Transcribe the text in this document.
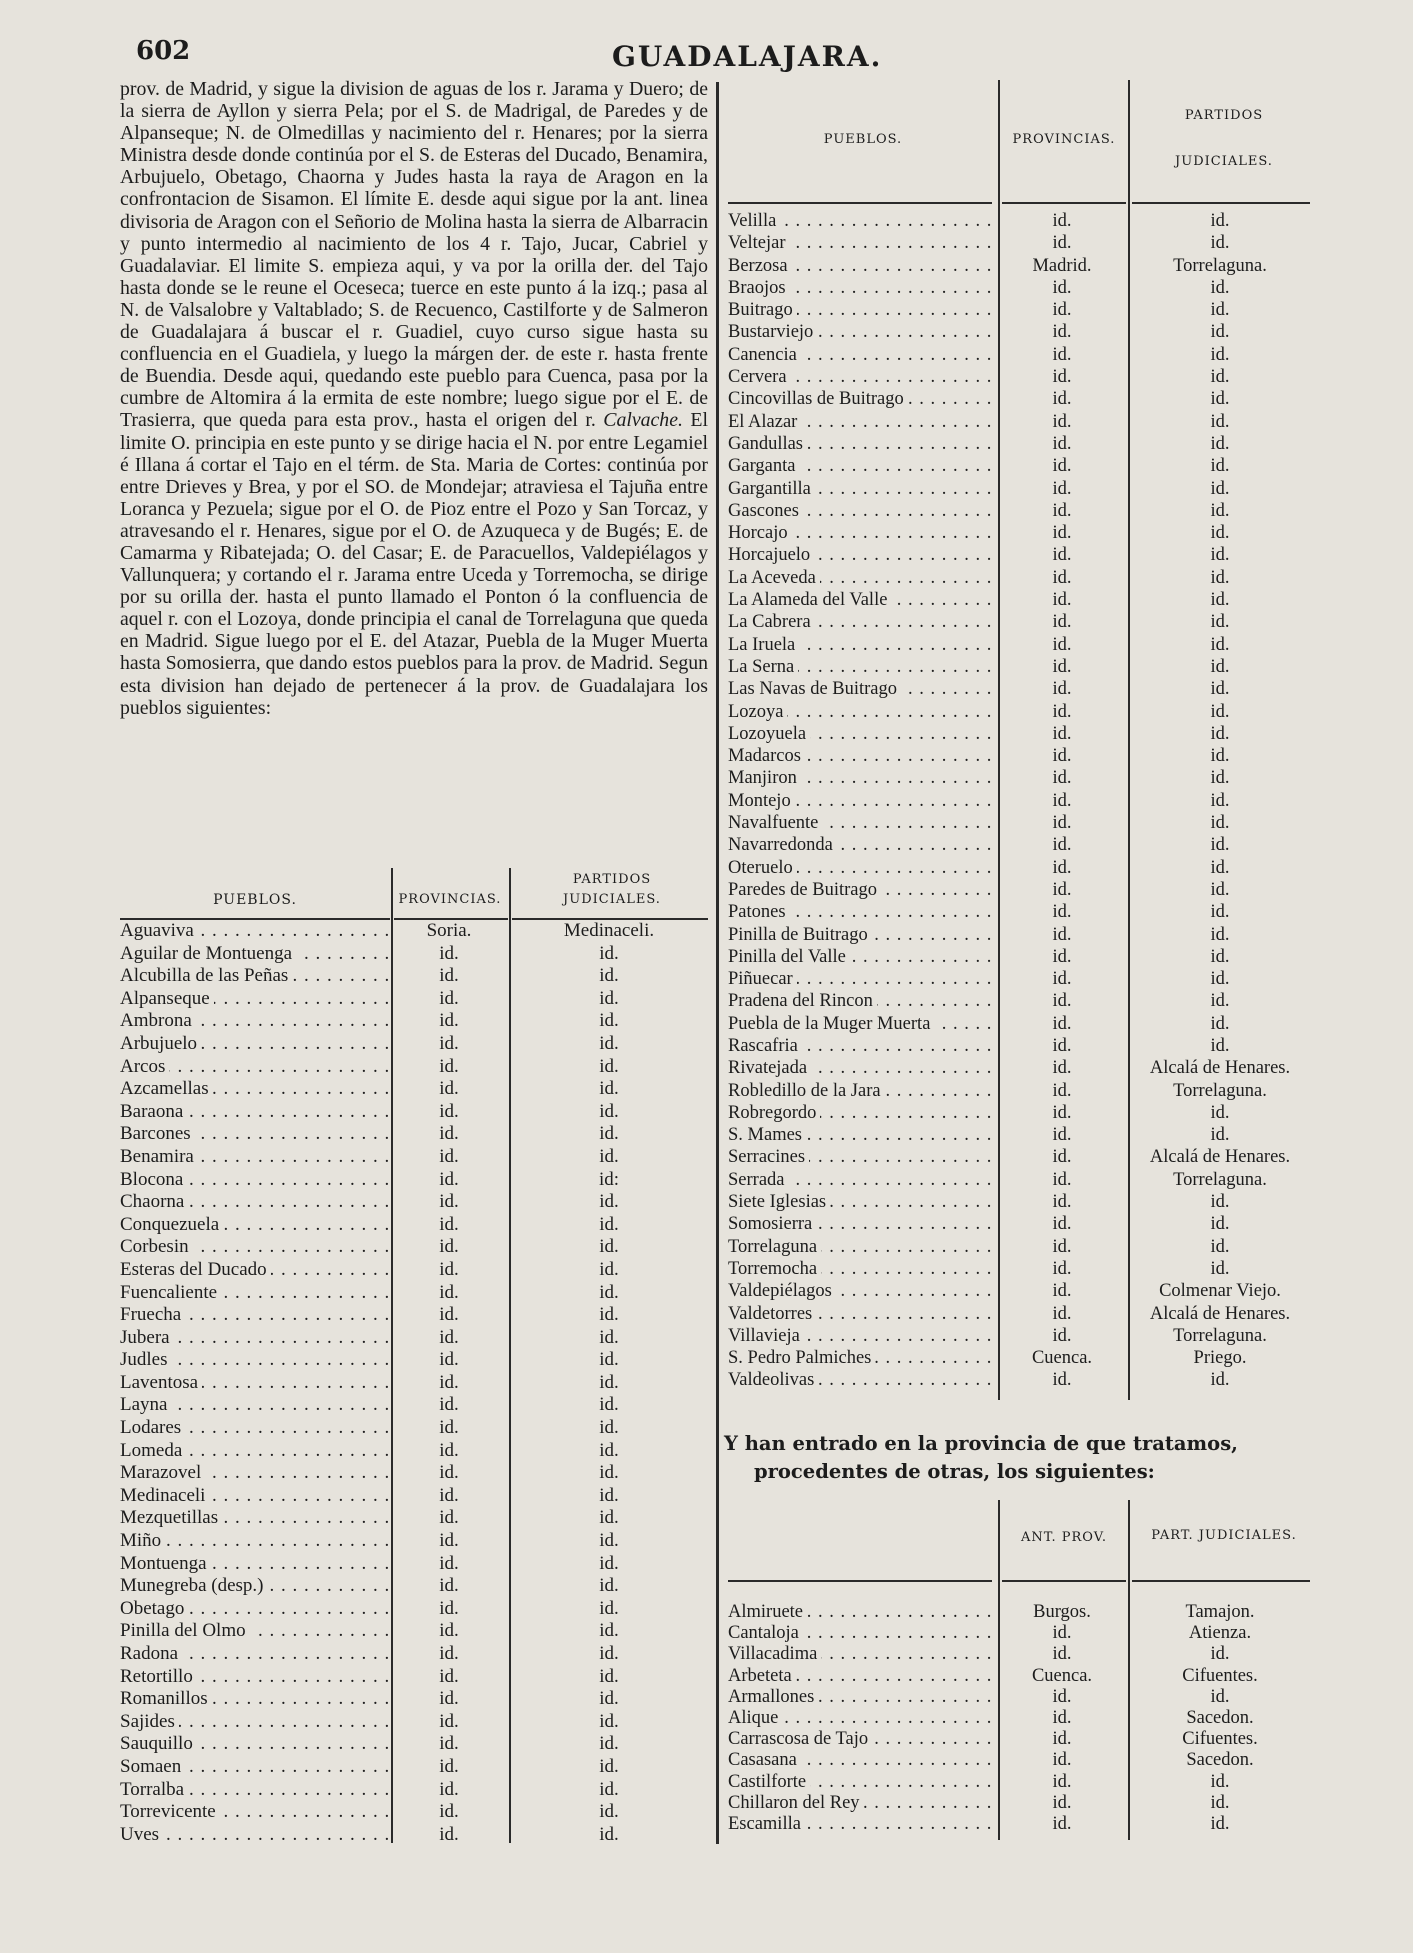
602	GUADALAJARA.

prov. de Madrid, y sigue la division de aguas de los r. Jarama y Duero; de la sierra de Ayllon y sierra Pela; por el S. de Madrigal, de Paredes y de Alpanseque; N. de Olmedillas y nacimiento del r. Henares; por la sierra Ministra desde donde continúa por el S. de Esteras del Ducado, Benamira, Arbujuelo, Obetago, Chaorna y Judes hasta la raya de Aragon en la confrontacion de Sisamon. El límite E. desde aqui sigue por la ant. linea divisoria de Aragon con el Señorio de Molina hasta la sierra de Albarracin y punto intermedio al nacimiento de los 4 r. Tajo, Jucar, Cabriel y Guadalaviar. El limite S. empieza aqui, y va por la orilla der. del Tajo hasta donde se le reune el Oceseca; tuerce en este punto á la izq.; pasa al N. de Valsalobre y Valtablado; S. de Recuenco, Castilforte y de Salmeron de Guadalajara á buscar el r. Guadiel, cuyo curso sigue hasta su confluencia en el Guadiela, y luego la márgen der. de este r. hasta frente de Buendia. Desde aqui, quedando este pueblo para Cuenca, pasa por la cumbre de Altomira á la ermita de este nombre; luego sigue por el E. de Trasierra, que queda para esta prov., hasta el origen del r. Calvache. El limite O. principia en este punto y se dirige hacia el N. por entre Legamiel é Illana á cortar el Tajo en el térm. de Sta. Maria de Cortes: continúa por entre Drieves y Brea, y por el SO. de Mondejar; atraviesa el Tajuña entre Loranca y Pezuela; sigue por el O. de Pioz entre el Pozo y San Torcaz, y atravesando el r. Henares, sigue por el O. de Azuqueca y de Bugés; E. de Camarma y Ribatejada; O. del Casar; E. de Paracuellos, Valdepiélagos y Vallunquera; y cortando el r. Jarama entre Uceda y Torremocha, se dirige por su orilla der. hasta el punto llamado el Ponton ó la confluencia de aquel r. con el Lozoya, donde principia el canal de Torrelaguna que queda en Madrid. Sigue luego por el E. del Atazar, Puebla de la Muger Muerta hasta Somosierra, que dando estos pueblos para la prov. de Madrid. Segun esta division han dejado de pertenecer á la prov. de Guadalajara los pueblos siguientes:

PUEBLOS.	PROVINCIAS.
PARTIDOS
JUDICIALES.
Aguaviva . . .	Soria.	Medinaceli.
Aguilar de Montuenga . . .	id.	id.
Alcubilla de las Peñas . . .	id.	id.
Alpanseque . . .	id.	id.
Ambrona . . .	id.	id.
Arbujuelo . . .	id.	id.
Arcos . . .	id.	id.
Azcamellas . . .	id.	id.
Baraona . . .	id.	id.
Barcones . . .	id.	id.
Benamira . . .	id.	id.
Blocona . . .	id.	id:
Chaorna . . .	id.	id.
Conquezuela . . .	id.	id.
Corbesin . . .	id.	id.
Esteras del Ducado . . .	id.	id.
Fuencaliente . . .	id.	id.
Fruecha . . .	id.	id.
Jubera . . .	id.	id.
Judles . . .	id.	id.
Laventosa . . .	id.	id.
Layna . . .	id.	id.
Lodares . . .	id.	id.
Lomeda . . .	id.	id.
Marazovel . . .	id.	id.
Medinaceli . . .	id.	id.
Mezquetillas . . .	id.	id.
Miño . . .	id.	id.
Montuenga . . .	id.	id.
Munegreba (desp.) . . .	id.	id.
Obetago . . .	id.	id.
Pinilla del Olmo . . .	id.	id.
Radona . . .	id.	id.
Retortillo . . .	id.	id.
Romanillos . . .	id.	id.
Sajides . . .	id.	id.
Sauquillo . . .	id.	id.
Somaen . . .	id.	id.
Torralba . . .	id.	id.
Torrevicente . . .	id.	id.
Uves . . .	id.	id.
PUEBLOS.	PROVINCIAS.
PARTIDOS
JUDICIALES.
Velilla . . .	id.	id.
Veltejar . . .	id.	id.
Berzosa . . .	Madrid.	Torrelaguna.
Braojos . . .	id.	id.
Buitrago . . .	id.	id.
Bustarviejo . . .	id.	id.
Canencia . . .	id.	id.
Cervera . . .	id.	id.
Cincovillas de Buitrago . . .	id.	id.
El Alazar . . .	id.	id.
Gandullas . . .	id.	id.
Garganta . . .	id.	id.
Gargantilla . . .	id.	id.
Gascones . . .	id.	id.
Horcajo . . .	id.	id.
Horcajuelo . . .	id.	id.
La Aceveda . . .	id.	id.
La Alameda del Valle . . .	id.	id.
La Cabrera . . .	id.	id.
La Iruela . . .	id.	id.
La Serna . . .	id.	id.
Las Navas de Buitrago . . .	id.	id.
Lozoya . . .	id.	id.
Lozoyuela . . .	id.	id.
Madarcos . . .	id.	id.
Manjiron . . .	id.	id.
Montejo . . .	id.	id.
Navalfuente . . .	id.	id.
Navarredonda . . .	id.	id.
Oteruelo . . .	id.	id.
Paredes de Buitrago . . .	id.	id.
Patones . . .	id.	id.
Pinilla de Buitrago . . .	id.	id.
Pinilla del Valle . . .	id.	id.
Piñuecar . . .	id.	id.
Pradena del Rincon . . .	id.	id.
Puebla de la Muger Muerta . . .	id.	id.
Rascafria . . .	id.	id.
Rivatejada . . .	id.	Alcalá de Henares.
Robledillo de la Jara . . .	id.	Torrelaguna.
Robregordo . . .	id.	id.
S. Mames . . .	id.	id.
Serracines . . .	id.	Alcalá de Henares.
Serrada . . .	id.	Torrelaguna.
Siete Iglesias . . .	id.	id.
Somosierra . . .	id.	id.
Torrelaguna . . .	id.	id.
Torremocha . . .	id.	id.
Valdepiélagos . . .	id.	Colmenar Viejo.
Valdetorres . . .	id.	Alcalá de Henares.
Villavieja . . .	id.	Torrelaguna.
S. Pedro Palmiches . . .	Cuenca.	Priego.
Valdeolivas . . .	id.	id.
Y han entrado en la provincia de que tratamos,
procedentes de otras, los siguientes:
ANT. PROV.	PART. JUDICIALES.
Almiruete . . .	Burgos.	Tamajon.
Cantaloja . . .	id.	Atienza.
Villacadima . . .	id.	id.
Arbeteta . . .	Cuenca.	Cifuentes.
Armallones . . .	id.	id.
Alique . . .	id.	Sacedon.
Carrascosa de Tajo . . .	id.	Cifuentes.
Casasana . . .	id.	Sacedon.
Castilforte . . .	id.	id.
Chillaron del Rey . . .	id.	id.
Escamilla . . .	id.	id.
